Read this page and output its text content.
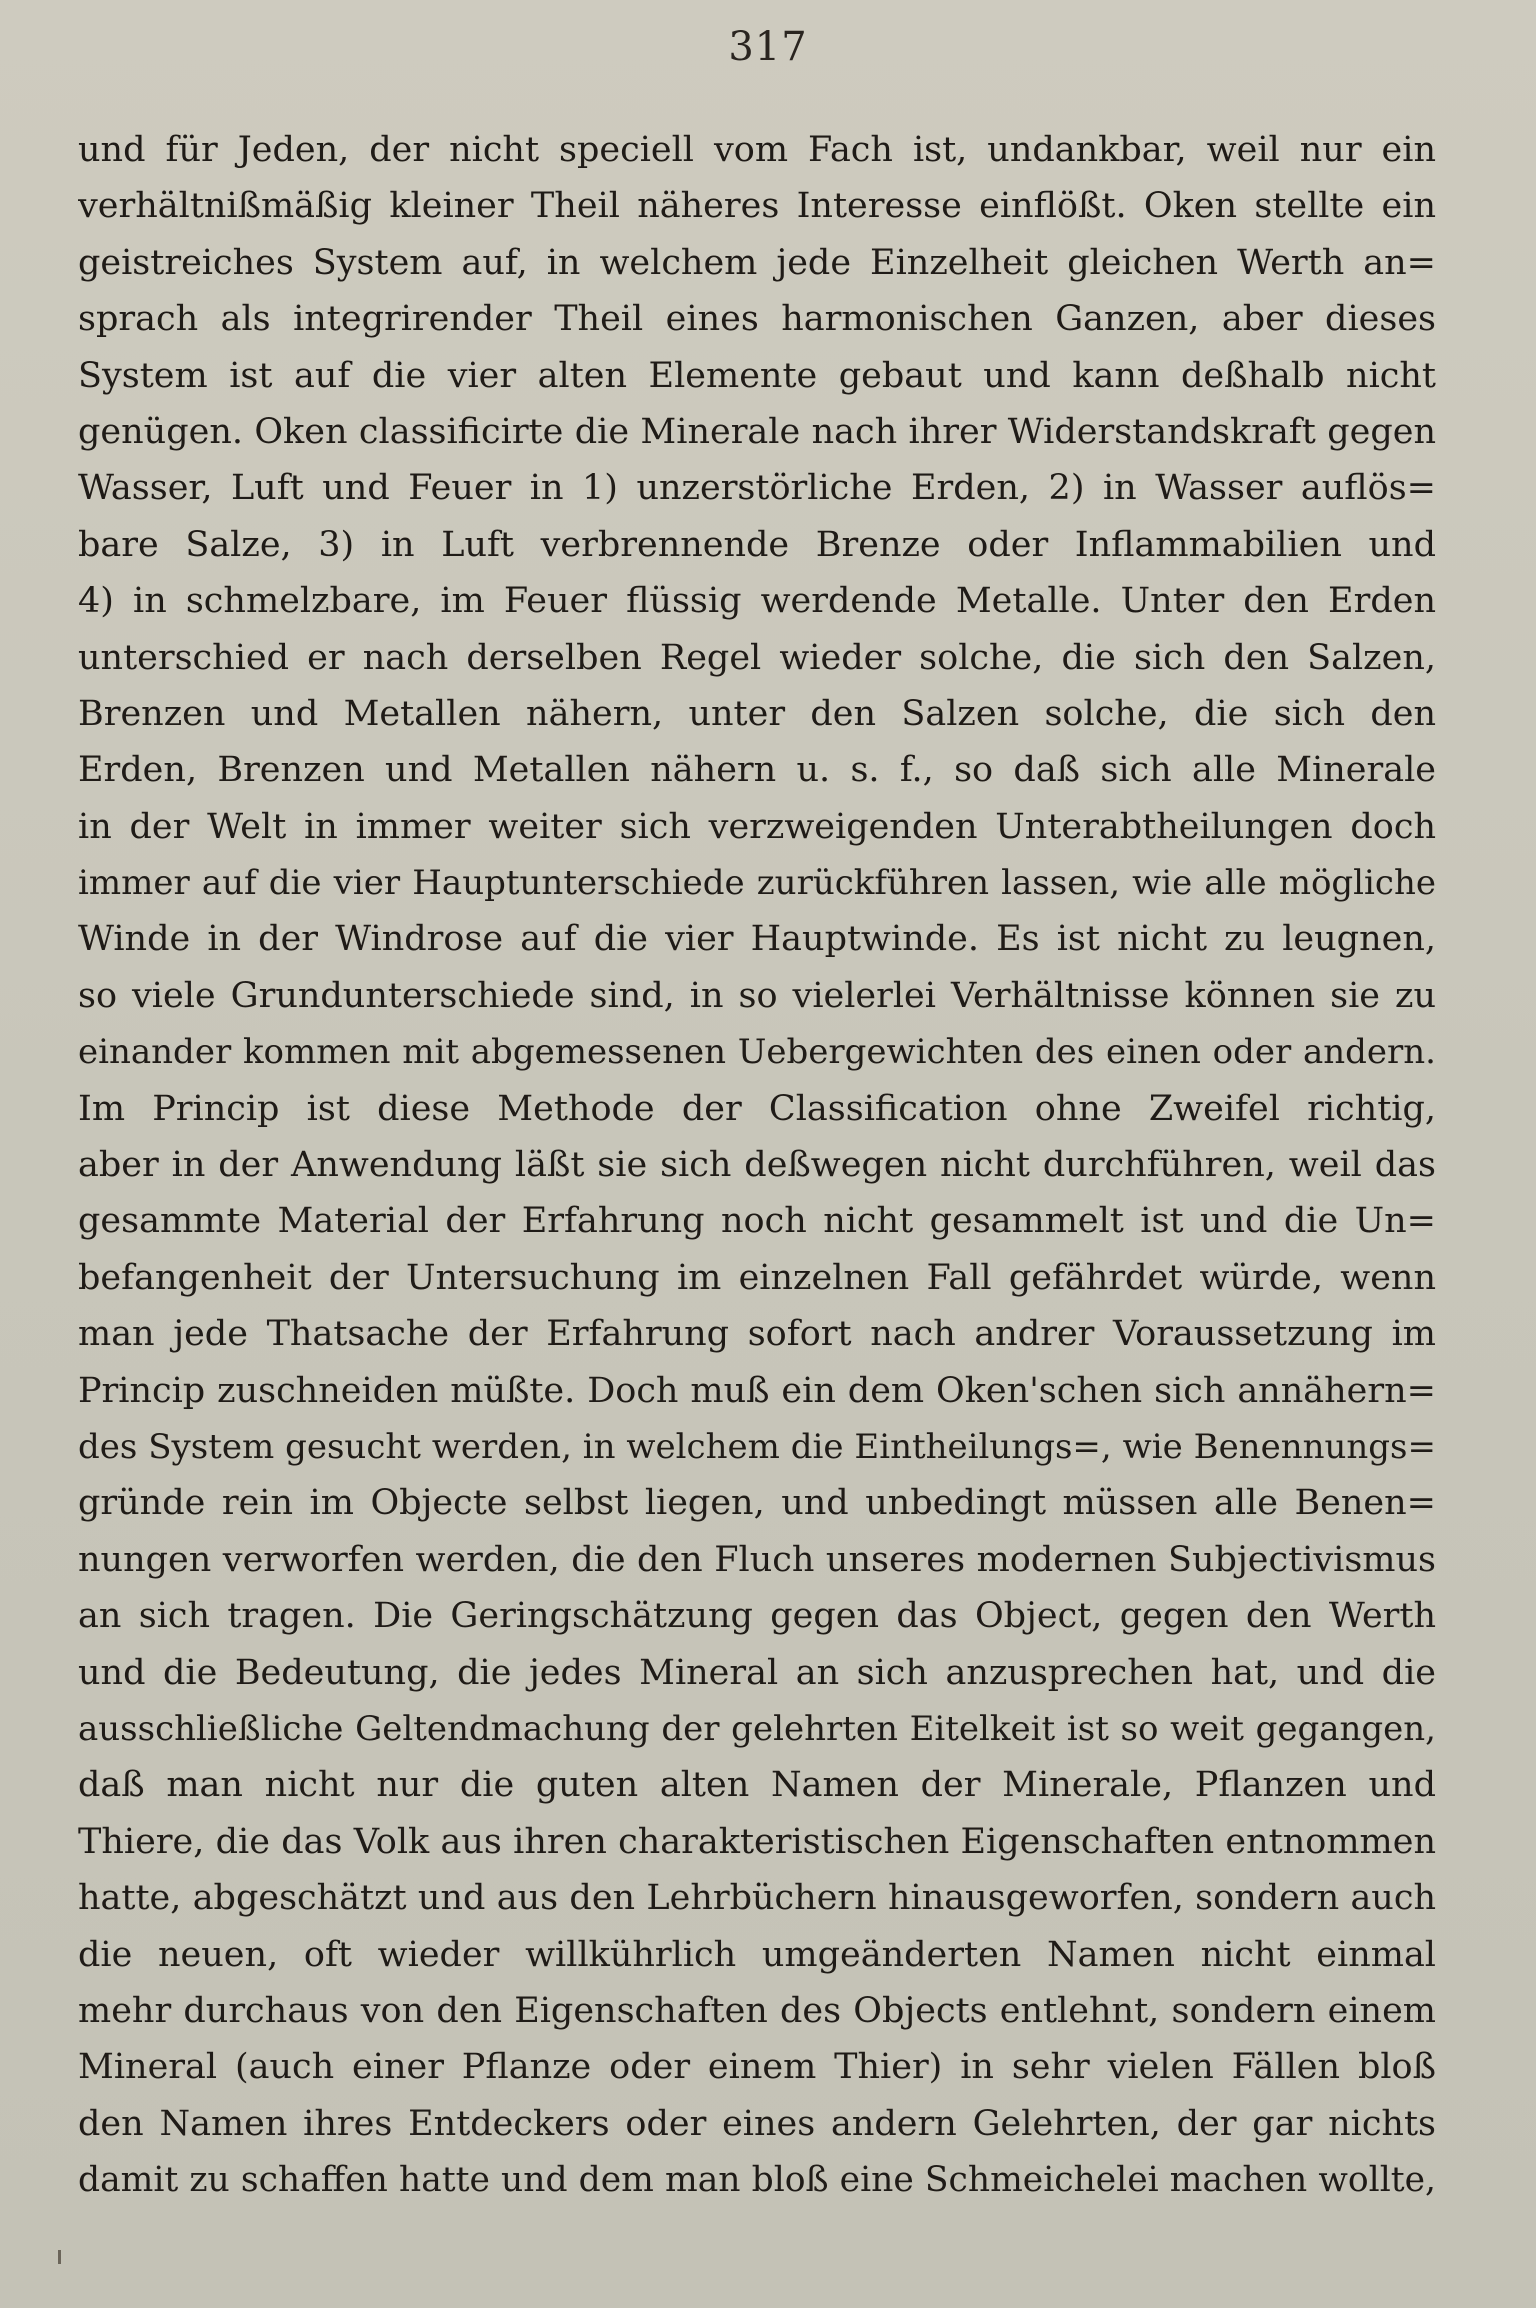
317
und für Jeden, der nicht speciell vom Fach ist, undankbar, weil nur ein
verhältnißmäßig kleiner Theil näheres Interesse einflößt. Oken stellte ein
geistreiches System auf, in welchem jede Einzelheit gleichen Werth an=
sprach als integrirender Theil eines harmonischen Ganzen, aber dieses
System ist auf die vier alten Elemente gebaut und kann deßhalb nicht
genügen. Oken classificirte die Minerale nach ihrer Widerstandskraft gegen
Wasser, Luft und Feuer in 1) unzerstörliche Erden, 2) in Wasser auflös=
bare Salze, 3) in Luft verbrennende Brenze oder Inflammabilien und
4) in schmelzbare, im Feuer flüssig werdende Metalle. Unter den Erden
unterschied er nach derselben Regel wieder solche, die sich den Salzen,
Brenzen und Metallen nähern, unter den Salzen solche, die sich den
Erden, Brenzen und Metallen nähern u. s. f., so daß sich alle Minerale
in der Welt in immer weiter sich verzweigenden Unterabtheilungen doch
immer auf die vier Hauptunterschiede zurückführen lassen, wie alle mögliche
Winde in der Windrose auf die vier Hauptwinde. Es ist nicht zu leugnen,
so viele Grundunterschiede sind, in so vielerlei Verhältnisse können sie zu
einander kommen mit abgemessenen Uebergewichten des einen oder andern.
Im Princip ist diese Methode der Classification ohne Zweifel richtig,
aber in der Anwendung läßt sie sich deßwegen nicht durchführen, weil das
gesammte Material der Erfahrung noch nicht gesammelt ist und die Un=
befangenheit der Untersuchung im einzelnen Fall gefährdet würde, wenn
man jede Thatsache der Erfahrung sofort nach andrer Voraussetzung im
Princip zuschneiden müßte. Doch muß ein dem Oken'schen sich annähern=
des System gesucht werden, in welchem die Eintheilungs=, wie Benennungs=
gründe rein im Objecte selbst liegen, und unbedingt müssen alle Benen=
nungen verworfen werden, die den Fluch unseres modernen Subjectivismus
an sich tragen. Die Geringschätzung gegen das Object, gegen den Werth
und die Bedeutung, die jedes Mineral an sich anzusprechen hat, und die
ausschließliche Geltendmachung der gelehrten Eitelkeit ist so weit gegangen,
daß man nicht nur die guten alten Namen der Minerale, Pflanzen und
Thiere, die das Volk aus ihren charakteristischen Eigenschaften entnommen
hatte, abgeschätzt und aus den Lehrbüchern hinausgeworfen, sondern auch
die neuen, oft wieder willkührlich umgeänderten Namen nicht einmal
mehr durchaus von den Eigenschaften des Objects entlehnt, sondern einem
Mineral (auch einer Pflanze oder einem Thier) in sehr vielen Fällen bloß
den Namen ihres Entdeckers oder eines andern Gelehrten, der gar nichts
damit zu schaffen hatte und dem man bloß eine Schmeichelei machen wollte,
